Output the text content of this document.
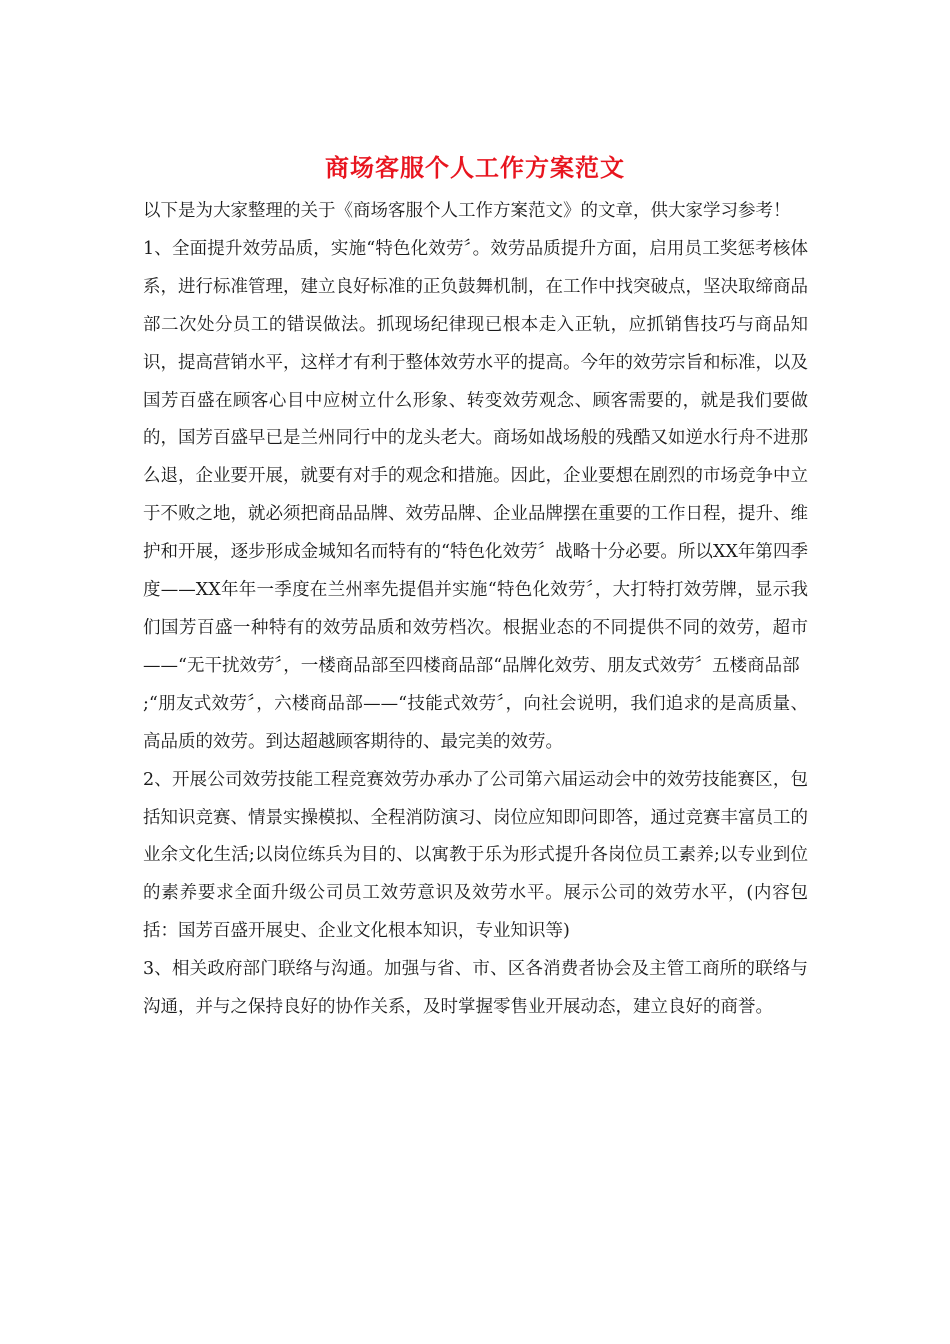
商场客服个人工作方案范文

以下是为大家整理的关于《商场客服个人工作方案范文》的文章，供大家学习参考！

1、全面提升效劳品质，实施“特色化效劳〞。效劳品质提升方面，启用员工奖惩考核体系，进行标准管理，建立良好标准的正负鼓舞机制，在工作中找突破点，坚决取缔商品部二次处分员工的错误做法。抓现场纪律现已根本走入正轨，应抓销售技巧与商品知识，提高营销水平，这样才有利于整体效劳水平的提高。今年的效劳宗旨和标准，以及国芳百盛在顾客心目中应树立什么形象、转变效劳观念、顾客需要的，就是我们要做的，国芳百盛早已是兰州同行中的龙头老大。商场如战场般的残酷又如逆水行舟不进那么退，企业要开展，就要有对手的观念和措施。因此，企业要想在剧烈的市场竞争中立于不败之地，就必须把商品品牌、效劳品牌、企业品牌摆在重要的工作日程，提升、维护和开展，逐步形成金城知名而特有的“特色化效劳〞战略十分必要。所以XX年第四季度——XX年年一季度在兰州率先提倡并实施“特色化效劳〞，大打特打效劳牌，显示我们国芳百盛一种特有的效劳品质和效劳档次。根据业态的不同提供不同的效劳，超市——“无干扰效劳〞，一楼商品部至四楼商品部“品牌化效劳、朋友式效劳〞五楼商品部

;“朋友式效劳〞，六楼商品部——“技能式效劳〞，向社会说明，我们追求的是高质量、高品质的效劳。到达超越顾客期待的、最完美的效劳。

2、开展公司效劳技能工程竞赛效劳办承办了公司第六届运动会中的效劳技能赛区，包括知识竞赛、情景实操模拟、全程消防演习、岗位应知即问即答，通过竞赛丰富员工的业余文化生活;以岗位练兵为目的、以寓教于乐为形式提升各岗位员工素养;以专业到位的素养要求全面升级公司员工效劳意识及效劳水平。展示公司的效劳水平，(内容包括：国芳百盛开展史、企业文化根本知识，专业知识等)

3、相关政府部门联络与沟通。加强与省、市、区各消费者协会及主管工商所的联络与沟通，并与之保持良好的协作关系，及时掌握零售业开展动态，建立良好的商誉。
